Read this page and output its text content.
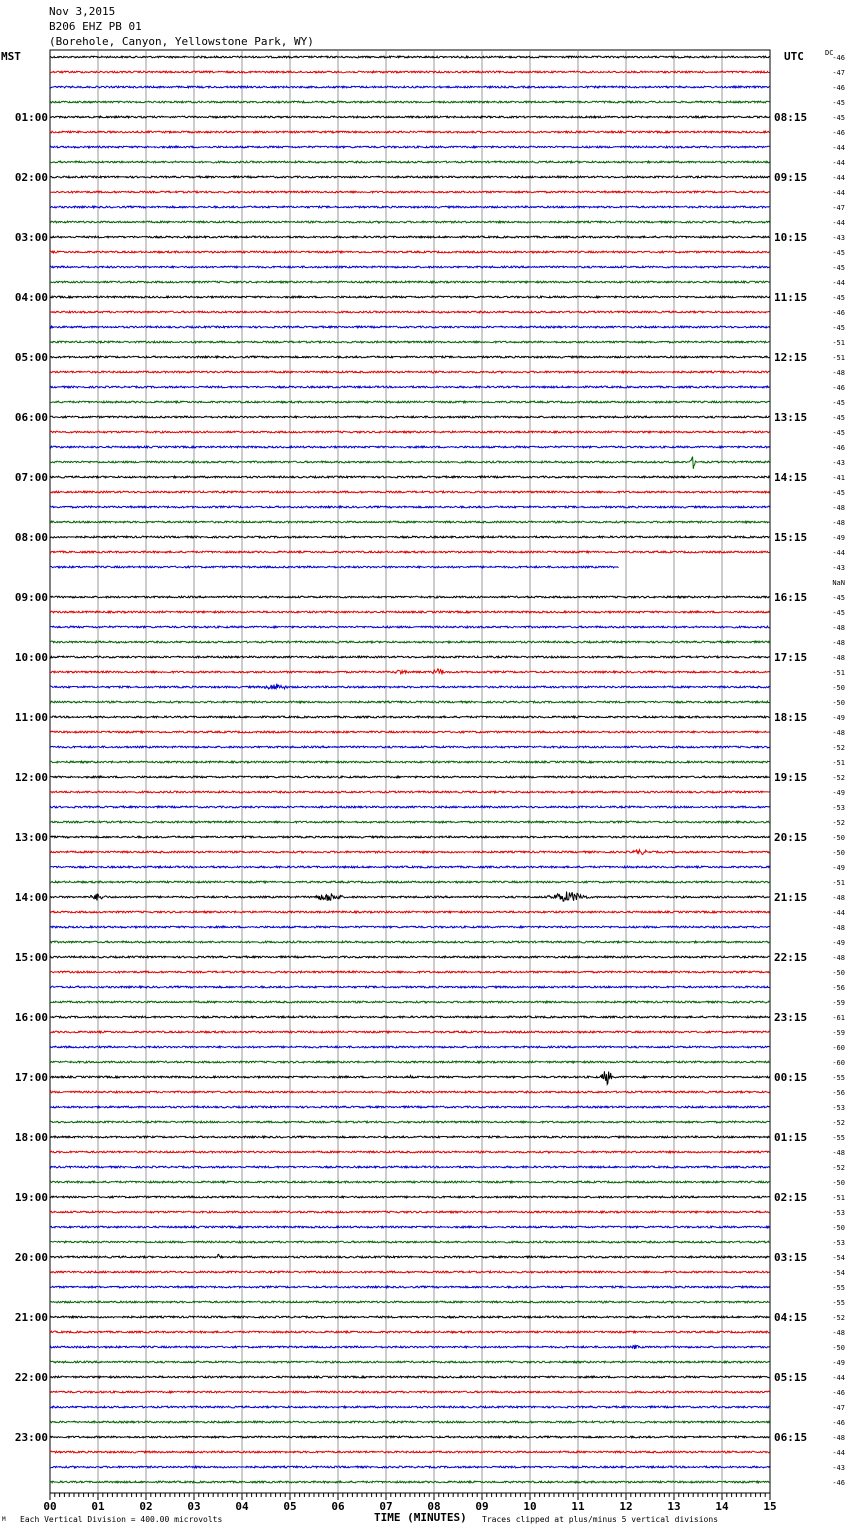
Nov 3,2015
B206 EHZ PB 01
(Borehole, Canyon, Yellowstone Park, WY)
MST	UTC	DC
-46
-47
-46
-45
-45
-46
-44
-44
-44
-44
-47
-44
-43
-45
-45
-44
-45
-46
-45
-51
-51
-48
-46
-45
-45
-45
-46
-43
-41
-45
-48
-48
-49
-44
-43
NaN
-45
-45
-48
-48
-48
-51
-50
-50
-49
-48
-52
-51
-52
-49
-53
-52
-50
-50
-49
-51
-48
-44
-48
-49
-48
-50
-56
-59
-61
-59
-60
-60
-55
-56
-53
-52
-55
-48
-52
-50
-51
-53
-50
-53
-54
-54
-55
-55
-52
-48
-50
-49
-44
-46
-47
-46
-48
-44
-43
-46
01:00
02:00
03:00
04:00
05:00
06:00
07:00
08:00
09:00
10:00
11:00
12:00
13:00
14:00
15:00
16:00
17:00
18:00
19:00
20:00
21:00
22:00
23:00
08:15
09:15
10:15
11:15
12:15
13:15
14:15
15:15
16:15
17:15
18:15
19:15
20:15
21:15
22:15
23:15
00:15
01:15
02:15
03:15
04:15
05:15
06:15
00	01	02	03	04	05	06	07	08	09	10	11	12	13	14	15
M Each Vertical Division = 400.00 microvolts	TIME (MINUTES) Traces clipped at plus/minus 5 vertical divisions
